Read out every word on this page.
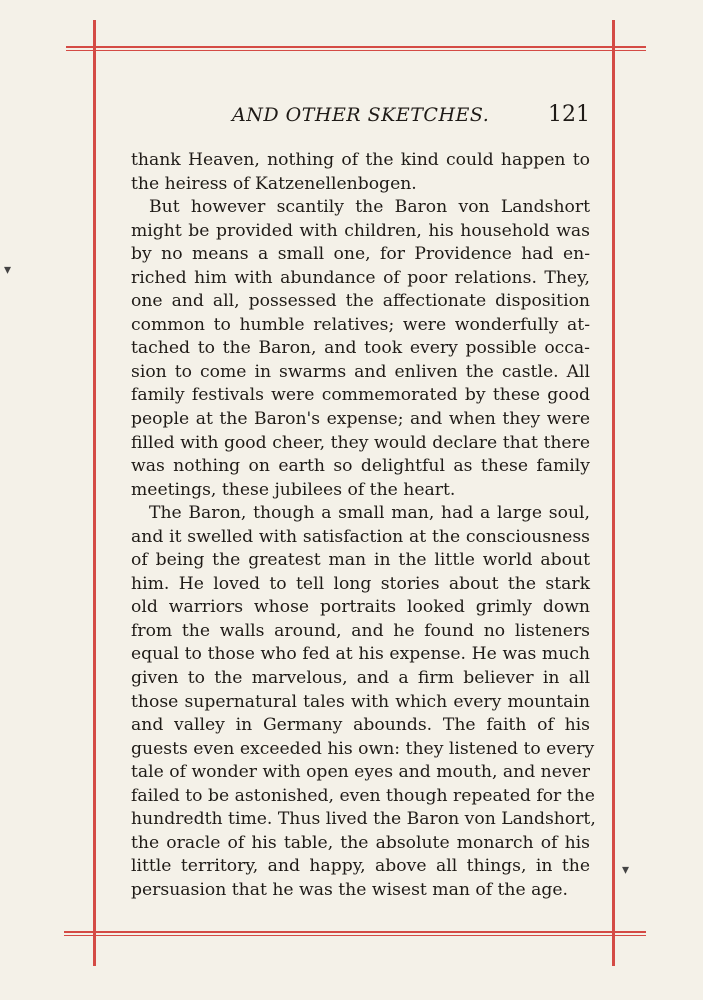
▾
▾
AND OTHER SKETCHES.	121
thank Heaven, nothing of the kind could happen to
the heiress of Katzenellenbogen.
But however scantily the Baron von Landshort
might be provided with children, his household was
by no means a small one, for Providence had en-
riched him with abundance of poor relations. They,
one and all, possessed the affectionate disposition
common to humble relatives; were wonderfully at-
tached to the Baron, and took every possible occa-
sion to come in swarms and enliven the castle. All
family festivals were commemorated by these good
people at the Baron's expense; and when they were
filled with good cheer, they would declare that there
was nothing on earth so delightful as these family
meetings, these jubilees of the heart.
The Baron, though a small man, had a large soul,
and it swelled with satisfaction at the consciousness
of being the greatest man in the little world about
him. He loved to tell long stories about the stark
old warriors whose portraits looked grimly down
from the walls around, and he found no listeners
equal to those who fed at his expense. He was much
given to the marvelous, and a firm believer in all
those supernatural tales with which every mountain
and valley in Germany abounds. The faith of his
guests even exceeded his own: they listened to every
tale of wonder with open eyes and mouth, and never
failed to be astonished, even though repeated for the
hundredth time. Thus lived the Baron von Landshort,
the oracle of his table, the absolute monarch of his
little territory, and happy, above all things, in the
persuasion that he was the wisest man of the age.
